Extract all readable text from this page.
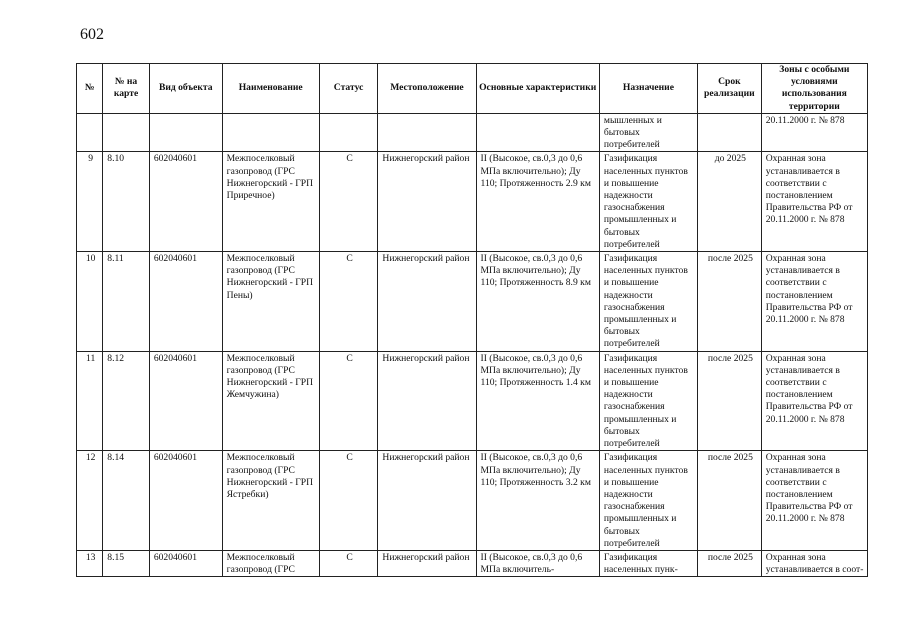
602
№	№ на карте	Вид объекта	Наименование	Статус	Местоположение	Основные характеристики	Назначение	Срок реализации	Зоны с особыми условиями использования территории
							мышленных и бытовых потребителей		20.11.2000 г. № 878
9	8.10	602040601	Межпоселковый газопровод (ГРС Нижнегорский - ГРП Приречное)	С	Нижнегорский район	II (Высокое, св.0,3 до 0,6 МПа включительно); Ду 110; Протяженность 2.9 км	Газификация населенных пунктов и повышение надежности газоснабжения промышленных и бытовых потребителей	до 2025	Охранная зона устанавливается в соответствии с постановлением Правительства РФ от 20.11.2000 г. № 878
10	8.11	602040601	Межпоселковый газопровод (ГРС Нижнегорский - ГРП Пены)	С	Нижнегорский район	II (Высокое, св.0,3 до 0,6 МПа включительно); Ду 110; Протяженность 8.9 км	Газификация населенных пунктов и повышение надежности газоснабжения промышленных и бытовых потребителей	после 2025	Охранная зона устанавливается в соответствии с постановлением Правительства РФ от 20.11.2000 г. № 878
11	8.12	602040601	Межпоселковый газопровод (ГРС Нижнегорский - ГРП Жемчужина)	С	Нижнегорский район	II (Высокое, св.0,3 до 0,6 МПа включительно); Ду 110; Протяженность 1.4 км	Газификация населенных пунктов и повышение надежности газоснабжения промышленных и бытовых потребителей	после 2025	Охранная зона устанавливается в соответствии с постановлением Правительства РФ от 20.11.2000 г. № 878
12	8.14	602040601	Межпоселковый газопровод (ГРС Нижнегорский - ГРП Ястребки)	С	Нижнегорский район	II (Высокое, св.0,3 до 0,6 МПа включительно); Ду 110; Протяженность 3.2 км	Газификация населенных пунктов и повышение надежности газоснабжения промышленных и бытовых потребителей	после 2025	Охранная зона устанавливается в соответствии с постановлением Правительства РФ от 20.11.2000 г. № 878
13	8.15	602040601	Межпоселковый газопровод (ГРС	С	Нижнегорский район	II (Высокое, св.0,3 до 0,6 МПа включитель-	Газификация населенных пунк-	после 2025	Охранная зона устанавливается в соот-
